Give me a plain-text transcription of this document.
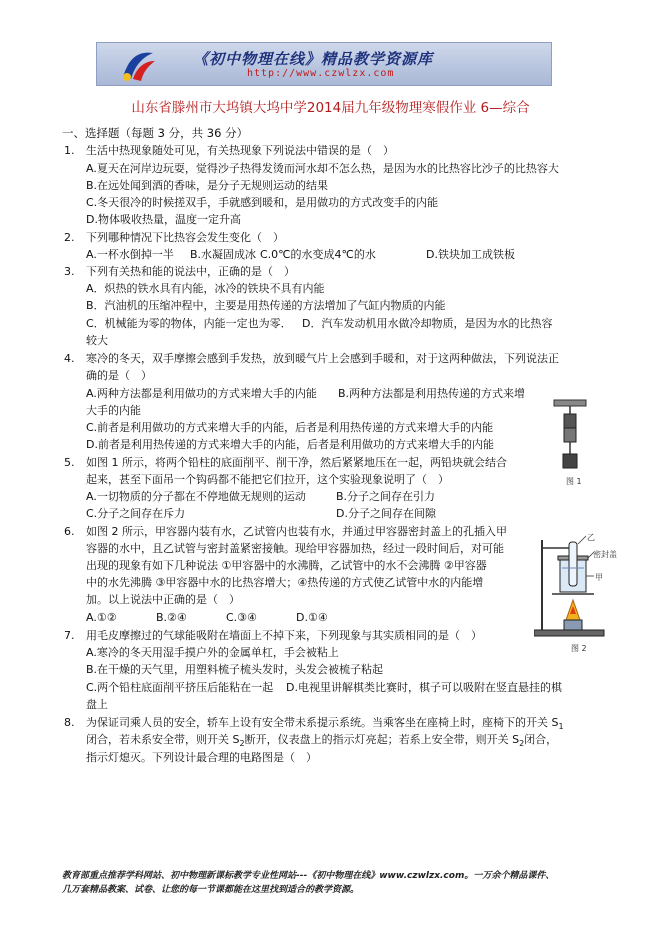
《初中物理在线》精品教学资源库
http://www.czwlzx.com
山东省滕州市大坞镇大坞中学2014届九年级物理寒假作业 6—综合
一、选择题（每题 3 分，共 36 分）
1. 生活中热现象随处可见，有关热现象下列说法中错误的是（　）
A.夏天在河岸边玩耍，觉得沙子热得发烫而河水却不怎么热，是因为水的比热容比沙子的比热容大
B.在远处闻到酒的香味，是分子无规则运动的结果
C.冬天很冷的时候搓双手，手就感到暖和，是用做功的方式改变手的内能
D.物体吸收热量，温度一定升高
2. 下列哪种情况下比热容会发生变化（　）
A.一杯水倒掉一半 B.水凝固成冰 C.0℃的水变成4℃的水	D.铁块加工成铁板
3. 下列有关热和能的说法中，正确的是（　）
A．炽热的铁水具有内能，冰冷的铁块不具有内能
B．汽油机的压缩冲程中，主要是用热传递的方法增加了气缸内物质的内能
C．机械能为零的物体，内能一定也为零． D．汽车发动机用水做冷却物质，是因为水的比热容
较大
4. 寒冷的冬天，双手摩擦会感到手发热，放到暖气片上会感到手暖和，对于这两种做法，下列说法正
确的是（　）
A.两种方法都是利用做功的方式来增大手的内能 B.两种方法都是利用热传递的方式来增
大手的内能
C.前者是利用做功的方式来增大手的内能，后者是利用热传递的方式来增大手的内能
D.前者是利用热传递的方式来增大手的内能，后者是利用做功的方式来增大手的内能
图 1
5. 如图 1 所示，将两个铅柱的底面削平、削干净，然后紧紧地压在一起，两铅块就会结合
起来，甚至下面吊一个钩码都不能把它们拉开，这个实验现象说明了（　）
A.一切物质的分子都在不停地做无规则的运动	B.分子之间存在引力
C.分子之间存在斥力	D.分子之间存在间隙
6. 如图 2 所示，甲容器内装有水，乙试管内也装有水，并通过甲容器密封盖上的孔插入甲
容器的水中，且乙试管与密封盖紧密接触。现给甲容器加热，经过一段时间后，对可能
出现的现象有如下几种说法 ①甲容器中的水沸腾，乙试管中的水不会沸腾 ②甲容器
中的水先沸腾 ③甲容器中水的比热容增大；④热传递的方式使乙试管中水的内能增
加。以上说法中正确的是（　）
A.①②	B.②④	C.③④	D.①④
乙
密封盖
甲
图 2
7. 用毛皮摩擦过的气球能吸附在墙面上不掉下来，下列现象与其实质相同的是（　）
A.寒冷的冬天用湿手摸户外的金属单杠，手会被粘上
B.在干燥的天气里，用塑料梳子梳头发时，头发会被梳子粘起
C.两个铅柱底面削平挤压后能粘在一起 D.电视里讲解棋类比赛时，棋子可以吸附在竖直悬挂的棋
盘上
8. 为保证司乘人员的安全，轿车上设有安全带未系提示系统。当乘客坐在座椅上时，座椅下的开关 $S_1$
闭合，若未系安全带，则开关 $S_2$断开，仪表盘上的指示灯亮起；若系上安全带，则开关 $S_2$闭合，
指示灯熄灭。下列设计最合理的电路图是（　）
教育部重点推荐学科网站、初中物理新课标教学专业性网站---《初中物理在线》www.czwlzx.com。一万余个精品课件、
几万套精品教案、试卷、让您的每一节课都能在这里找到适合的教学资源。
